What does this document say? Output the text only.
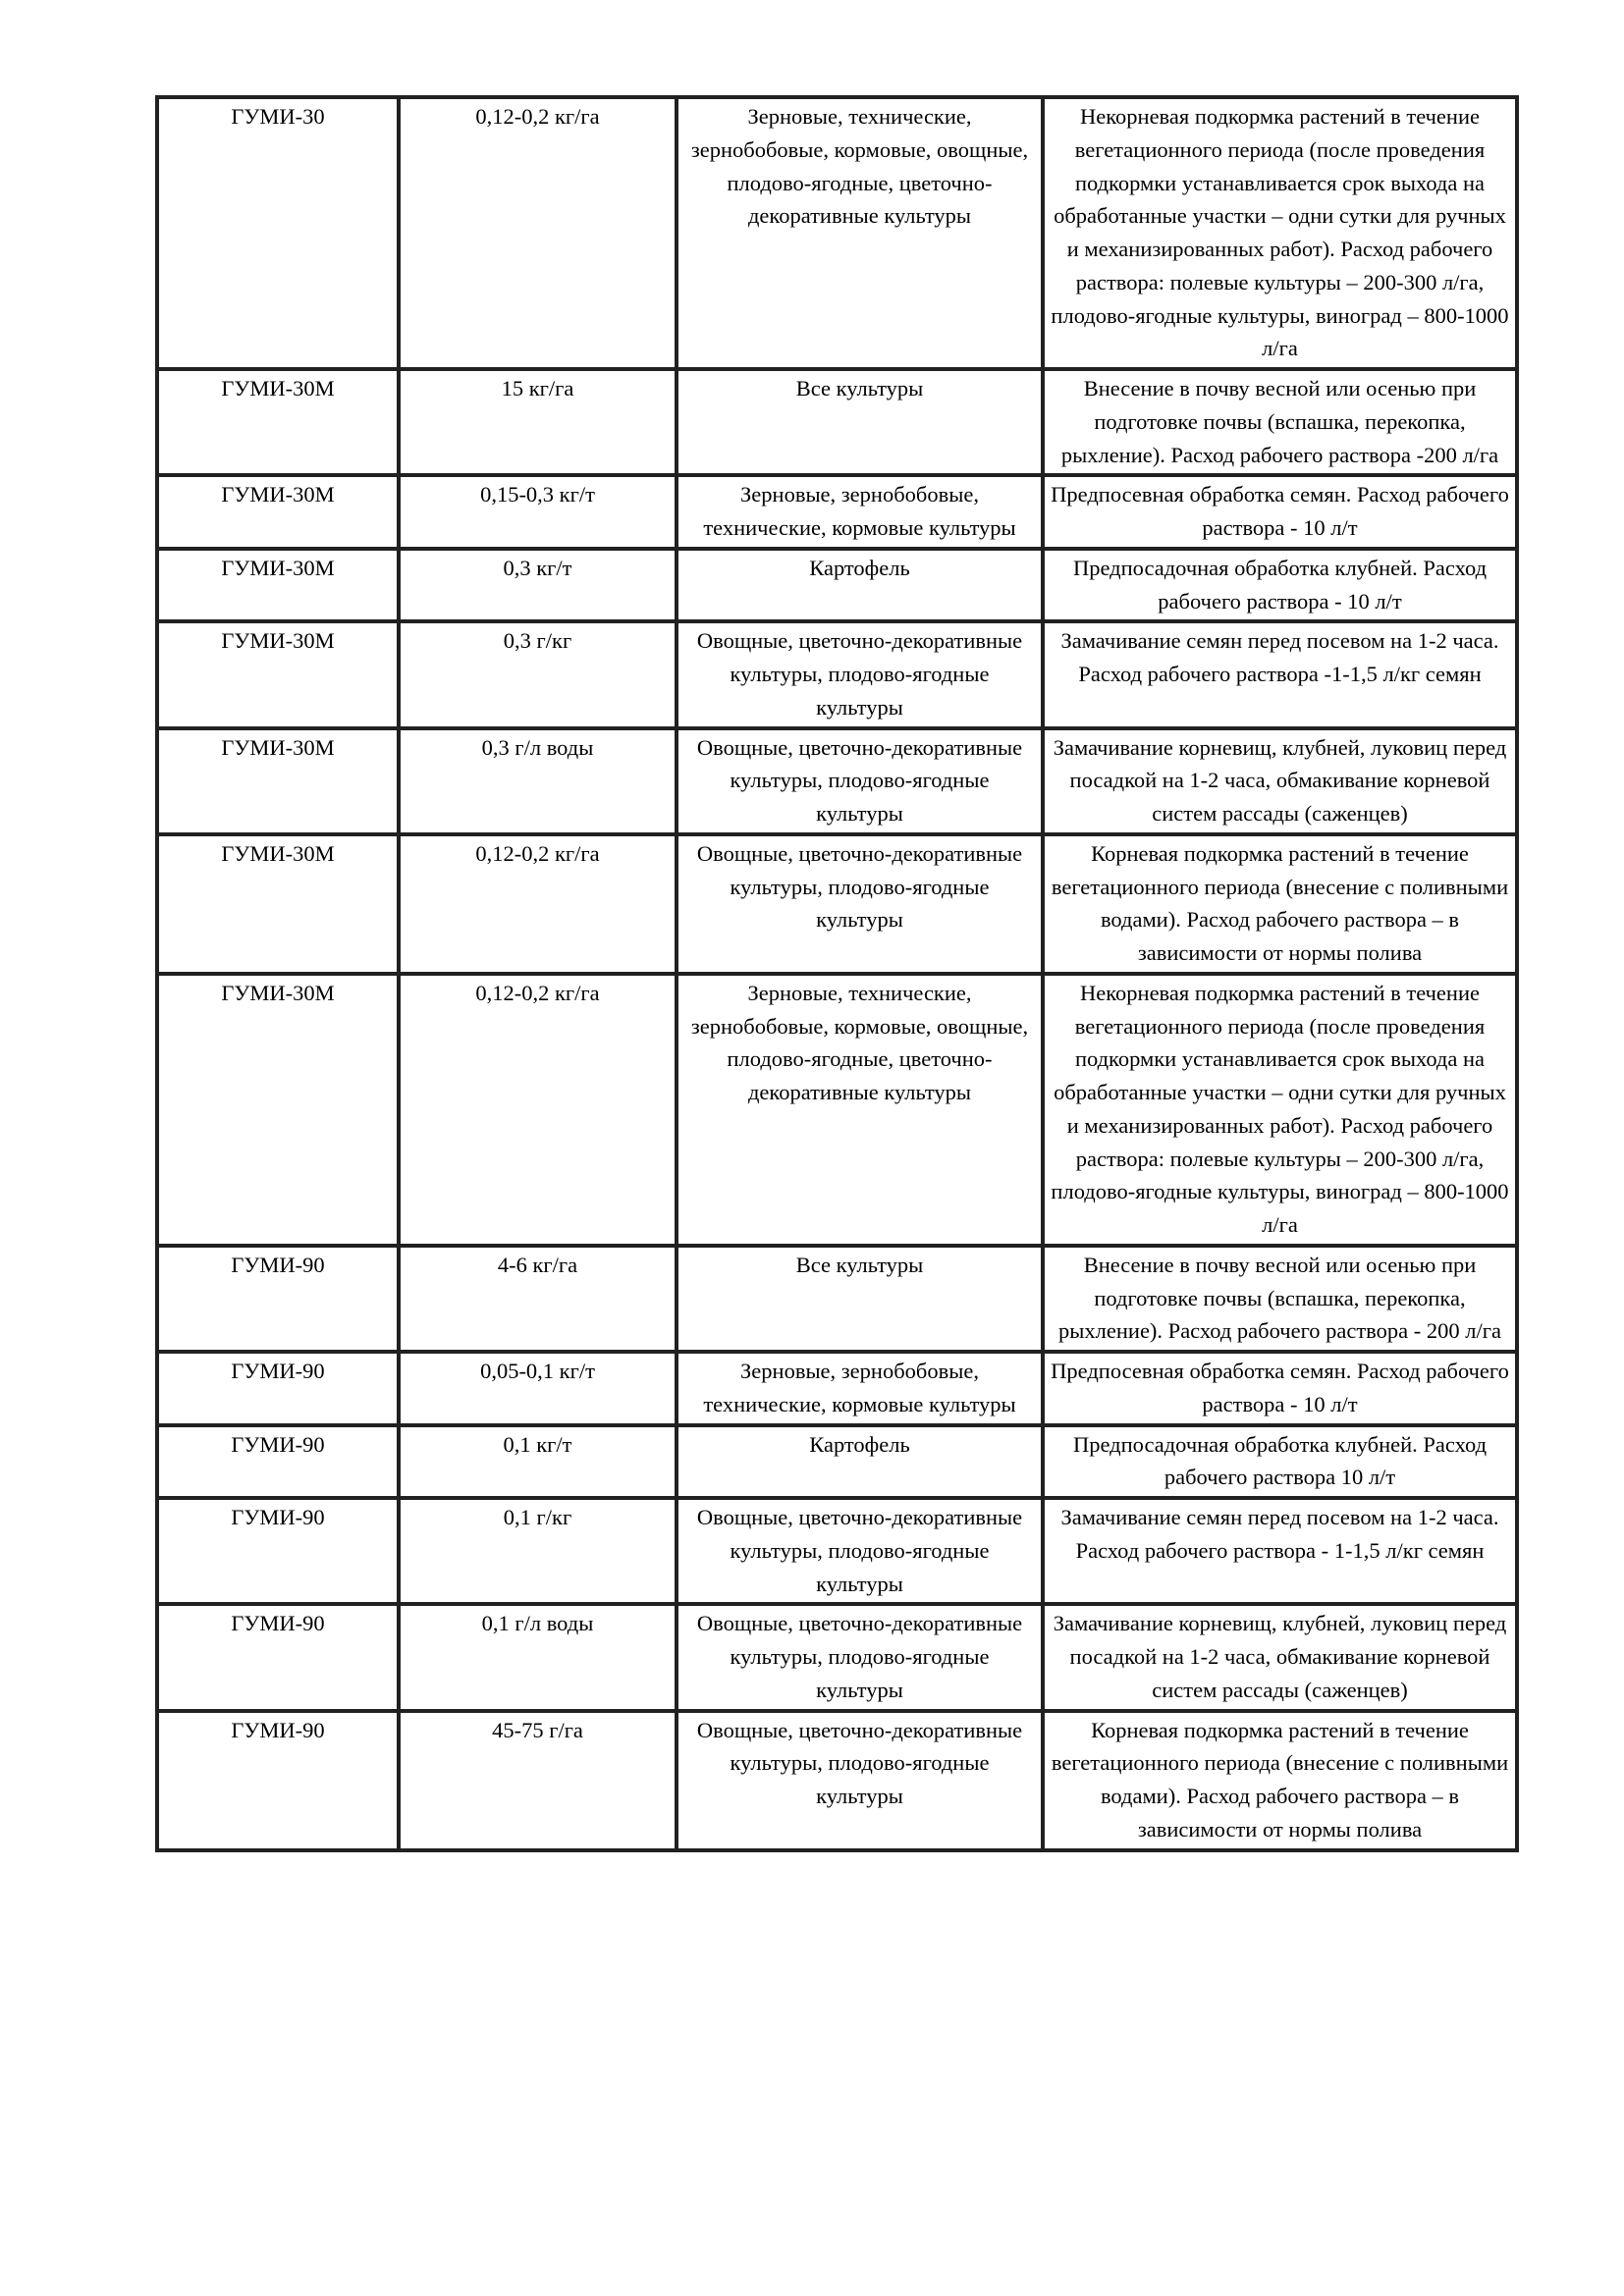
ГУМИ-30	0,12-0,2 кг/га	Зерновые, технические, зернобобовые, кормовые, овощные, плодово-ягодные, цветочно-декоративные культуры	Некорневая подкормка растений в течение вегетационного периода (после проведения подкормки устанавливается срок выхода на обработанные участки – одни сутки для ручных и механизированных работ). Расход рабочего раствора: полевые культуры – 200-300 л/га, плодово-ягодные культуры, виноград – 800-1000 л/га
ГУМИ-30М	15 кг/га	Все культуры	Внесение в почву весной или осенью при подготовке почвы (вспашка, перекопка, рыхление). Расход рабочего раствора -200 л/га
ГУМИ-30М	0,15-0,3 кг/т	Зерновые, зернобобовые, технические, кормовые культуры	Предпосевная обработка семян. Расход рабочего раствора - 10 л/т
ГУМИ-30М	0,3 кг/т	Картофель	Предпосадочная обработка клубней. Расход рабочего раствора - 10 л/т
ГУМИ-30М	0,3 г/кг	Овощные, цветочно-декоративные культуры, плодово-ягодные культуры	Замачивание семян перед посевом на 1-2 часа. Расход рабочего раствора -1-1,5 л/кг семян
ГУМИ-30М	0,3 г/л воды	Овощные, цветочно-декоративные культуры, плодово-ягодные культуры	Замачивание корневищ, клубней, луковиц перед посадкой на 1-2 часа, обмакивание корневой систем рассады (саженцев)
ГУМИ-30М	0,12-0,2 кг/га	Овощные, цветочно-декоративные культуры, плодово-ягодные культуры	Корневая подкормка растений в течение вегетационного периода (внесение с поливными водами). Расход рабочего раствора – в зависимости от нормы полива
ГУМИ-30М	0,12-0,2 кг/га	Зерновые, технические, зернобобовые, кормовые, овощные, плодово-ягодные, цветочно-декоративные культуры	Некорневая подкормка растений в течение вегетационного периода (после проведения подкормки устанавливается срок выхода на обработанные участки – одни сутки для ручных и механизированных работ). Расход рабочего раствора: полевые культуры – 200-300 л/га, плодово-ягодные культуры, виноград – 800-1000 л/га
ГУМИ-90	4-6 кг/га	Все культуры	Внесение в почву весной или осенью при подготовке почвы (вспашка, перекопка, рыхление). Расход рабочего раствора - 200 л/га
ГУМИ-90	0,05-0,1 кг/т	Зерновые, зернобобовые, технические, кормовые культуры	Предпосевная обработка семян. Расход рабочего раствора - 10 л/т
ГУМИ-90	0,1 кг/т	Картофель	Предпосадочная обработка клубней. Расход рабочего раствора 10 л/т
ГУМИ-90	0,1 г/кг	Овощные, цветочно-декоративные культуры, плодово-ягодные культуры	Замачивание семян перед посевом на 1-2 часа. Расход рабочего раствора - 1-1,5 л/кг семян
ГУМИ-90	0,1 г/л воды	Овощные, цветочно-декоративные культуры, плодово-ягодные культуры	Замачивание корневищ, клубней, луковиц перед посадкой на 1-2 часа, обмакивание корневой систем рассады (саженцев)
ГУМИ-90	45-75 г/га	Овощные, цветочно-декоративные культуры, плодово-ягодные культуры	Корневая подкормка растений в течение вегетационного периода (внесение с поливными водами). Расход рабочего раствора – в зависимости от нормы полива
